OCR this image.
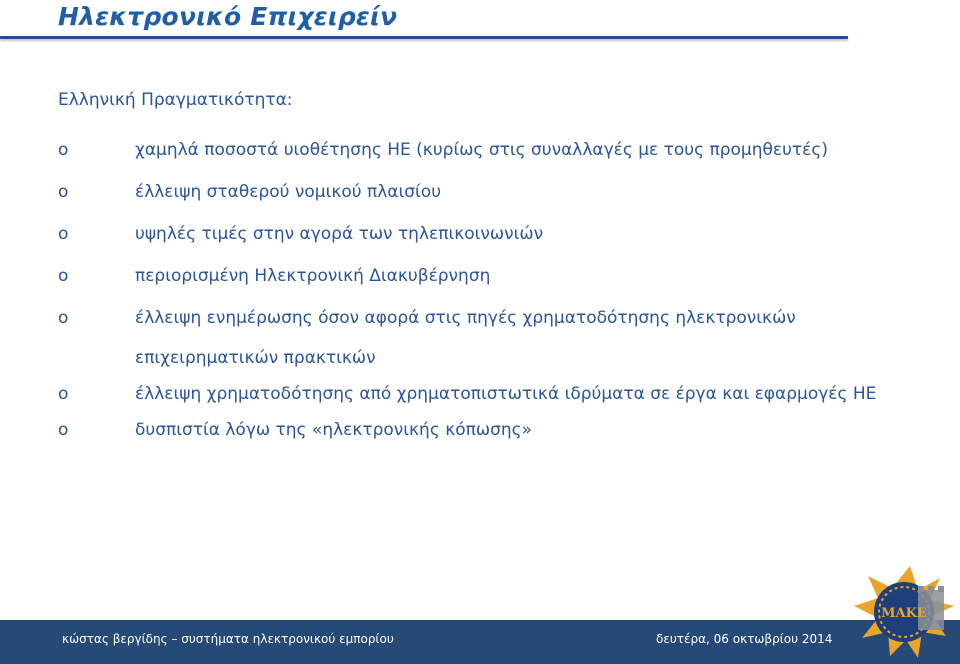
Ηλεκτρονικό Επιχειρείν

Ελληνική Πραγματικότητα:

o	χαμηλά ποσοστά υιοθέτησης ΗΕ (κυρίως στις συναλλαγές με τους προμηθευτές)
o	έλλειψη σταθερού νομικού πλαισίου
o	υψηλές τιμές στην αγορά των τηλεπικοινωνιών
o	περιορισμένη Ηλεκτρονική Διακυβέρνηση
o	έλλειψη ενημέρωσης όσον αφορά στις πηγές χρηματοδότησης ηλεκτρονικών επιχειρηματικών πρακτικών
o	έλλειψη χρηματοδότησης από χρηματοπιστωτικά ιδρύματα σε έργα και εφαρμογές ΗΕ
o	δυσπιστία λόγω της «ηλεκτρονικής κόπωσης»
κώστας βεργίδης – συστήματα ηλεκτρονικού εμπορίου	δευτέρα, 06 οκτωβρίου 2014
ΜΑΚΕ
